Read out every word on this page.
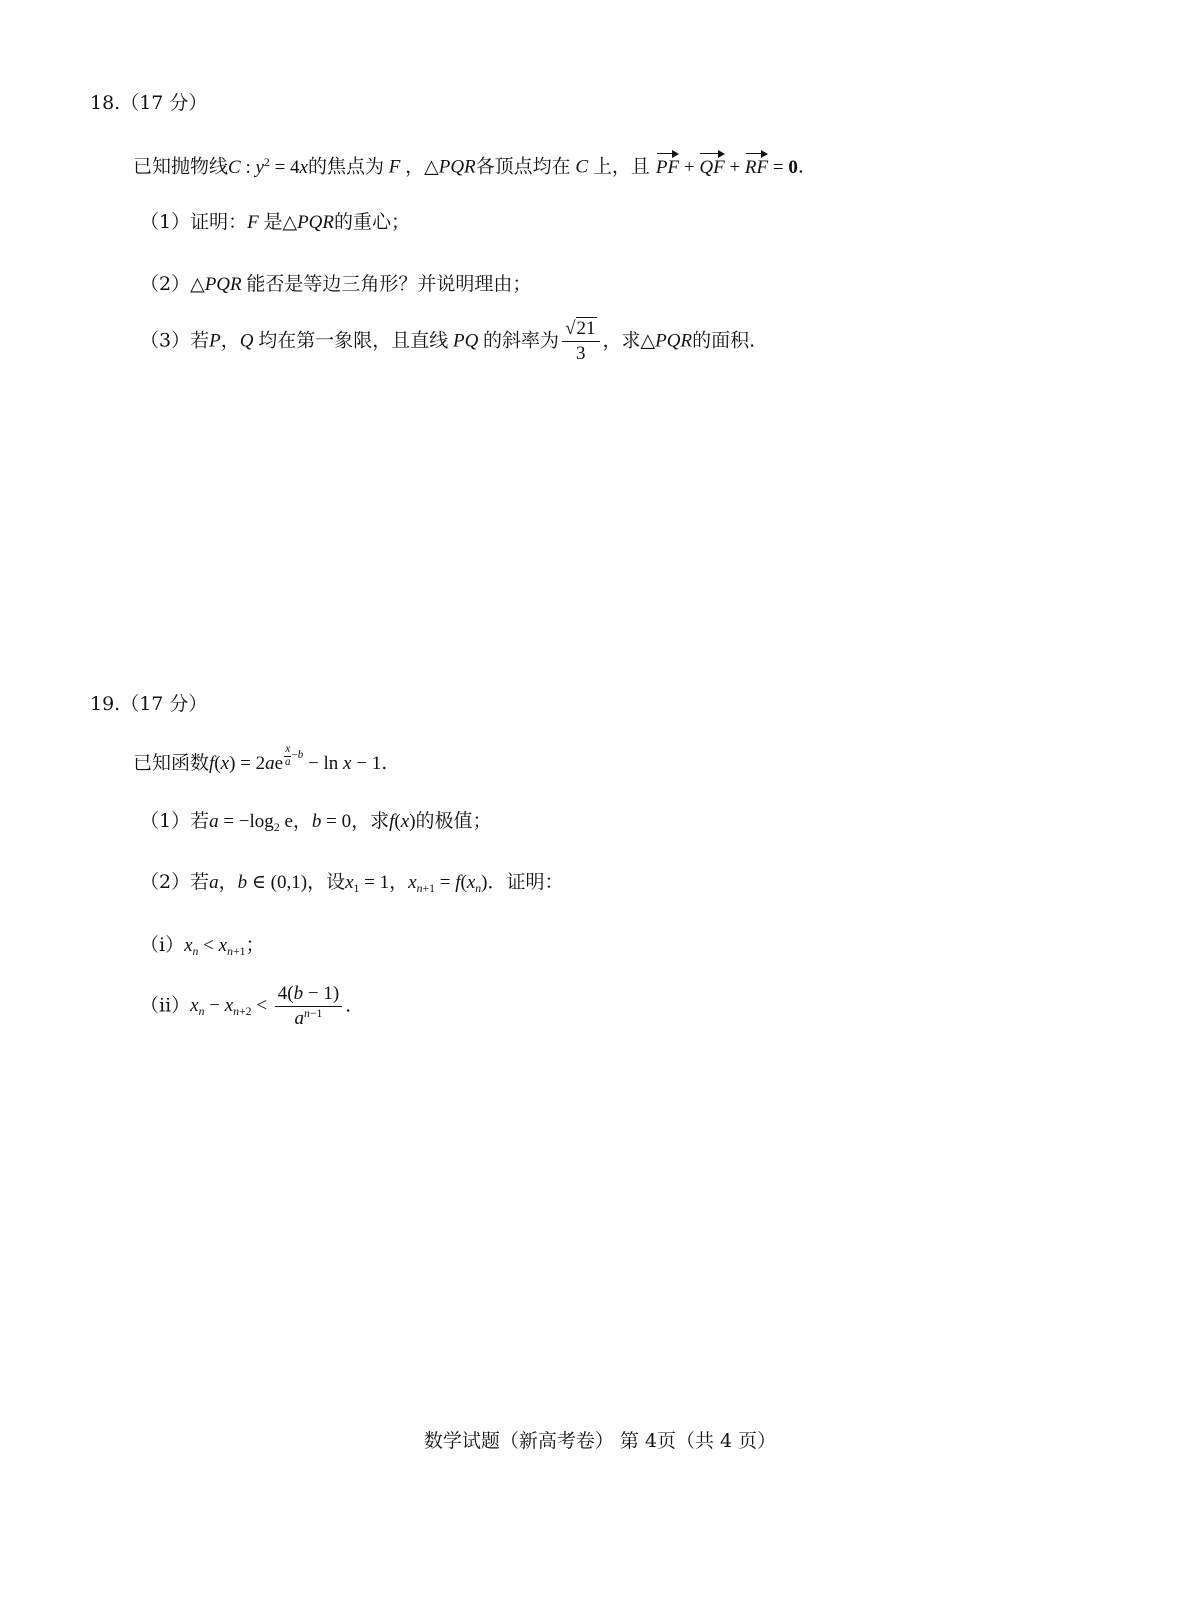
18.（17 分）
已知抛物线C : $y^2 = 4x$的焦点为 F ，△PQR各顶点均在 C 上，且 PF + QF + RF = 0.
（1）证明：F 是△PQR的重心；
（2）△PQR 能否是等边三角形？并说明理由；
（3）若P，Q 均在第一象限，且直线 PQ 的斜率为 $\frac{√21}{3}$ ，求△PQR的面积.
19.（17 分）
已知函数$f(x) = 2ae \frac{x}{a} -b - \ln x - 1$.
（1）若$a = -\log_2$ e，b = 0，求f(x)的极值；
（2）若a，b ∈ (0,1)，设$x_1 = 1$，$x_{n+1} = f(x_n)$．证明：
$(i)x_n < x_{n+1}$；
$(ii)x_n - x_{n+2} < \frac{4(b - 1)}{a^{n-1}}$ .
数学试题（新高考卷） 第 4页（共 4 页）
